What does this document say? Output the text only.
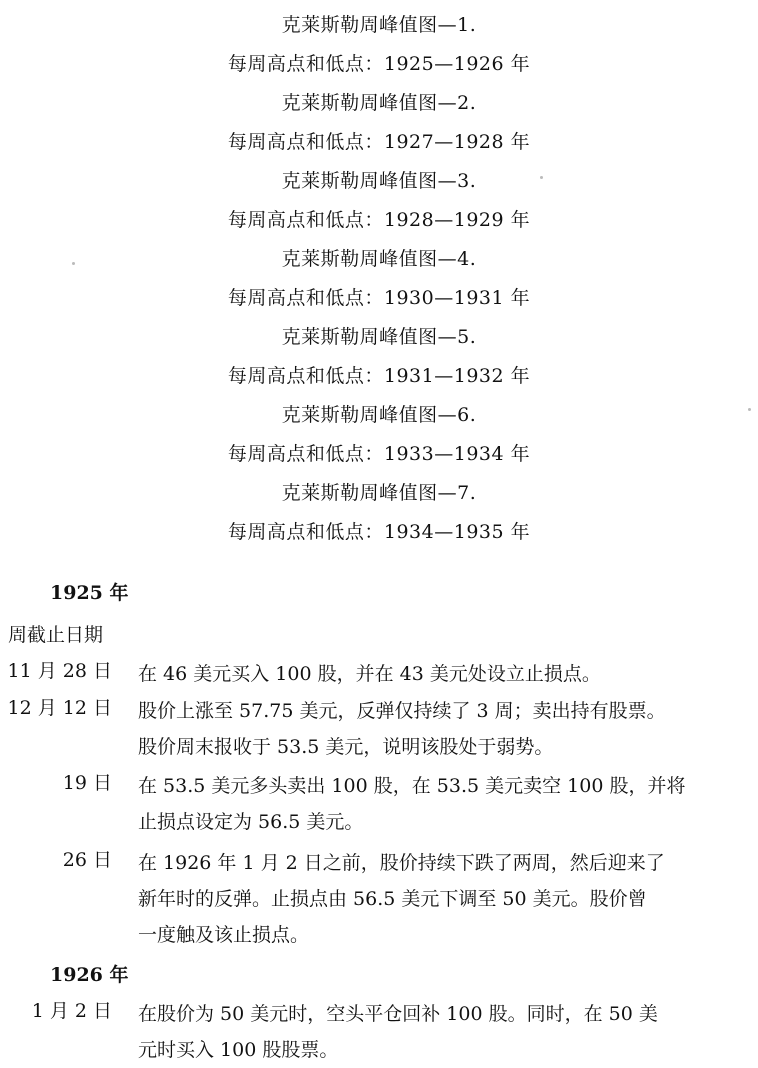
克莱斯勒周峰值图—1.
每周高点和低点：1925—1926 年
克莱斯勒周峰值图—2.
每周高点和低点：1927—1928 年
克莱斯勒周峰值图—3.
每周高点和低点：1928—1929 年
克莱斯勒周峰值图—4.
每周高点和低点：1930—1931 年
克莱斯勒周峰值图—5.
每周高点和低点：1931—1932 年
克莱斯勒周峰值图—6.
每周高点和低点：1933—1934 年
克莱斯勒周峰值图—7.
每周高点和低点：1934—1935 年
1925 年
周截止日期
11 月 28 日 在 46 美元买入 100 股，并在 43 美元处设立止损点。
12 月 12 日 股价上涨至 57.75 美元，反弹仅持续了 3 周；卖出持有股票。
股价周末报收于 53.5 美元，说明该股处于弱势。
19 日 在 53.5 美元多头卖出 100 股，在 53.5 美元卖空 100 股，并将
止损点设定为 56.5 美元。
26 日 在 1926 年 1 月 2 日之前，股价持续下跌了两周，然后迎来了
新年时的反弹。止损点由 56.5 美元下调至 50 美元。股价曾
一度触及该止损点。
1926 年
1 月 2 日 在股价为 50 美元时，空头平仓回补 100 股。同时，在 50 美
元时买入 100 股股票。
